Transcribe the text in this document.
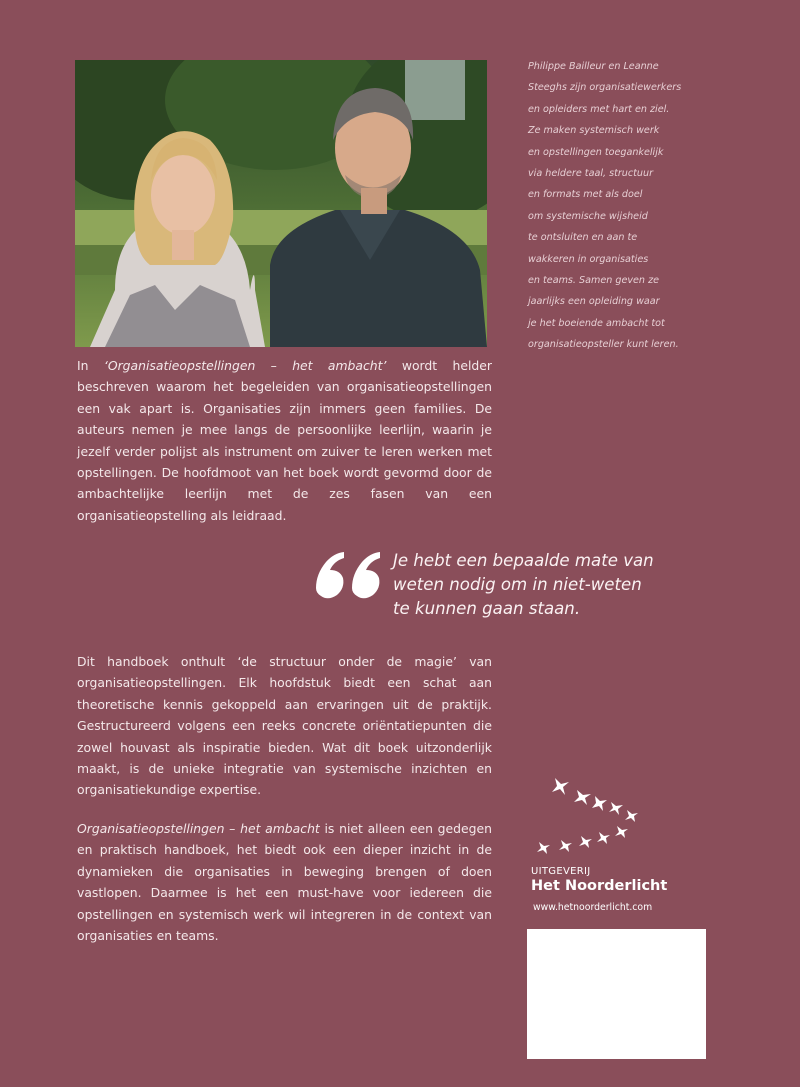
Philippe Bailleur en Leanne
Steeghs zijn organisatiewerkers
en opleiders met hart en ziel.
Ze maken systemisch werk
en opstellingen toegankelijk
via heldere taal, structuur
en formats met als doel
om systemische wijsheid
te ontsluiten en aan te
wakkeren in organisaties
en teams. Samen geven ze
jaarlijks een opleiding waar
je het boeiende ambacht tot
organisatieopsteller kunt leren.
In ‘Organisatieopstellingen – het ambacht’ wordt helder beschreven waarom het begeleiden van organisatieopstellingen een vak apart is. Organisaties zijn immers geen families. De auteurs nemen je mee langs de persoonlijke leerlijn, waarin je jezelf verder polijst als instrument om zuiver te leren werken met opstellingen. De hoofdmoot van het boek wordt gevormd door de ambachtelijke leerlijn met de zes fasen van een organisatieopstelling als leidraad.
Je hebt een bepaalde mate van
weten nodig om in niet-weten
te kunnen gaan staan.
Dit handboek onthult ‘de structuur onder de magie’ van organisatieopstellingen. Elk hoofdstuk biedt een schat aan theoretische kennis gekoppeld aan ervaringen uit de praktijk. Gestructureerd volgens een reeks concrete oriëntatiepunten die zowel houvast als inspiratie bieden. Wat dit boek uitzonderlijk maakt, is de unieke integratie van systemische inzichten en organisatiekundige expertise.
Organisatieopstellingen – het ambacht is niet alleen een gedegen en praktisch handboek, het biedt ook een dieper inzicht in de dynamieken die organisaties in beweging brengen of doen vastlopen. Daarmee is het een must-have voor iedereen die opstellingen en systemisch werk wil integreren in de context van organisaties en teams.
UITGEVERIJ
Het Noorderlicht
www.hetnoorderlicht.com
